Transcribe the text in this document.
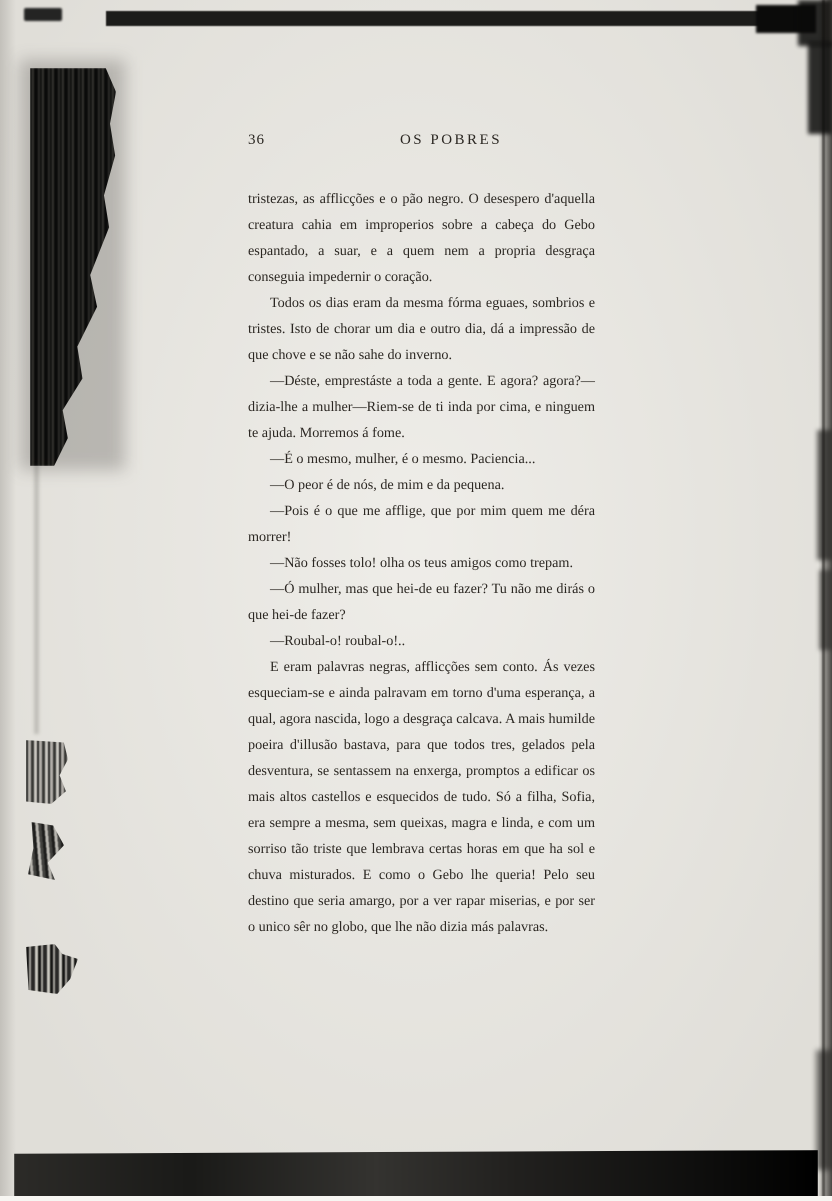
36	OS POBRES

tristezas, as afflicções e o pão negro. O desespero d'aquella creatura cahia em improperios sobre a cabeça do Gebo espantado, a suar, e a quem nem a propria desgraça conseguia impedernir o coração.

Todos os dias eram da mesma fórma eguaes, sombrios e tristes. Isto de chorar um dia e outro dia, dá a impressão de que chove e se não sahe do inverno.

—Déste, emprestáste a toda a gente. E agora? agora?—dizia-lhe a mulher—Riem-se de ti inda por cima, e ninguem te ajuda. Morremos á fome.

—É o mesmo, mulher, é o mesmo. Paciencia...

—O peor é de nós, de mim e da pequena.

—Pois é o que me afflige, que por mim quem me déra morrer!

—Não fosses tolo! olha os teus amigos como trepam.

—Ó mulher, mas que hei-de eu fazer? Tu não me dirás o que hei-de fazer?

—Roubal-o! roubal-o!..

E eram palavras negras, afflicções sem conto. Ás vezes esqueciam-se e ainda palravam em torno d'uma esperança, a qual, agora nascida, logo a desgraça calcava. A mais humilde poeira d'illusão bastava, para que todos tres, gelados pela desventura, se sentassem na enxerga, promptos a edificar os mais altos castellos e esquecidos de tudo. Só a filha, Sofia, era sempre a mesma, sem queixas, magra e linda, e com um sorriso tão triste que lembrava certas horas em que ha sol e chuva misturados. E como o Gebo lhe queria! Pelo seu destino que seria amargo, por a ver rapar miserias, e por ser o unico sêr no globo, que lhe não dizia más palavras.
